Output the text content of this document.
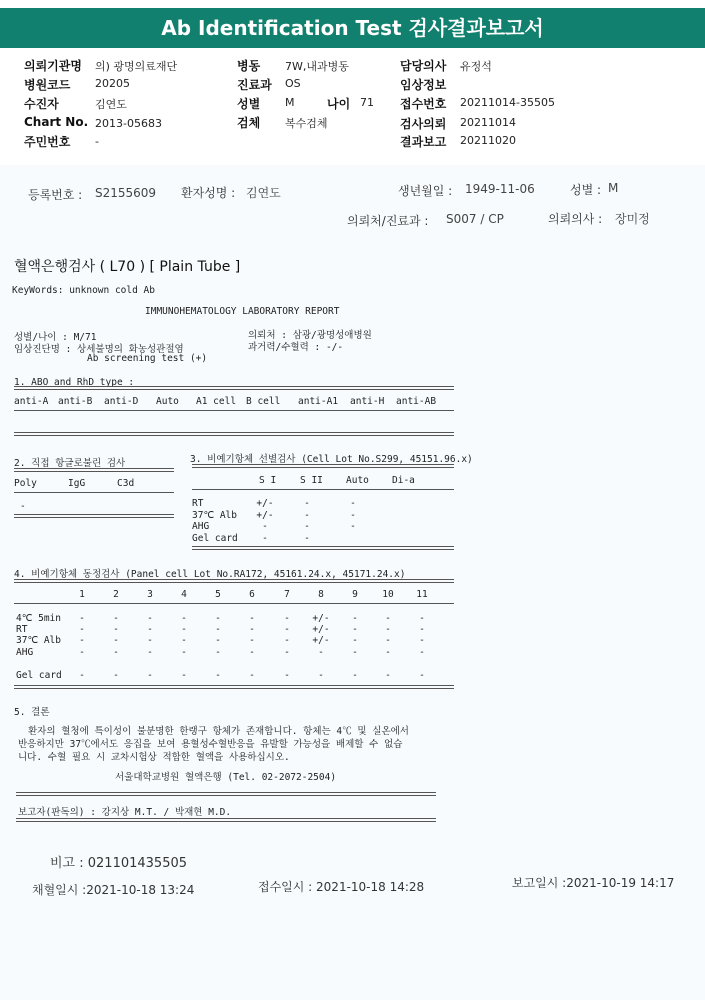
Ab Identification Test 검사결과보고서
의뢰기관명 의) 광명의료재단
병원코드 20205
수진자	김연도
Chart No. 2013-05683
주민번호 -
병동 7W,내과병동
진료과 OS
성별 M	나이 71
검체 복수검체
담당의사 유정석
임상정보
접수번호 20211014-35505
검사의뢰 20211014
결과보고 20211020
등록번호 : S2155609 환자성명 : 김연도	생년월일 : 1949-11-06	성별 : M
의뢰처/진료과 : S007 / CP	의뢰의사 : 장미정
혈액은행검사 ( L70 ) [ Plain Tube ]
KeyWords: unknown cold Ab
IMMUNOHEMATOLOGY LABORATORY REPORT
성별/나이 : M/71
임상진단명 : 상세불명의 화농성관절염
Ab screening test (+)
의뢰처 : 삼광/광명성애병원
과거력/수혈력 : -/-
1. ABO and RhD type :
2. 직접 항글로불린 검사
-
3. 비예기항체 선별검사 (Cell Lot No.S299, 45151.96.x)
4. 비예기항체 동정검사 (Panel cell Lot No.RA172, 45161.24.x, 45171.24.x)
5. 결론
환자의 혈청에 특이성이 불분명한 한랭구 항체가 존재합니다. 항체는 4℃ 및 실온에서
반응하지만 37℃에서도 응집을 보여 용혈성수혈반응을 유발할 가능성을 배제할 수 없습
니다. 수혈 필요 시 교차시험상 적합한 혈액을 사용하십시오.
서울대학교병원 혈액은행 (Tel. 02-2072-2504)
보고자(판독의) : 강지상 M.T. / 박재현 M.D.
비고 : 021101435505
채혈일시 :2021-10-18 13:24	접수일시 : 2021-10-18 14:28	보고일시 :2021-10-19 14:17
anti-A anti-B anti-D Auto A1 cell B cell anti-A1 anti-H anti-AB
Poly	IgG	C3d	S I	S II Auto Di-a
RT	+/-	-	-
37℃ Alb +/-	-	-
AHG	-	-	-
Gel card	-	-
1	2	3	4	5	6	7	8	9	10	11
4℃ 5min	-	-	-	-	-	-	-	+/-	-	-	-
RT	-	-	-	-	-	-	-	+/-	-	-	-
37℃ Alb	-	-	-	-	-	-	-	+/-	-	-	-
AHG	-	-	-	-	-	-	-	-	-	-	-
Gel card	-	-	-	-	-	-	-	-	-	-	-
